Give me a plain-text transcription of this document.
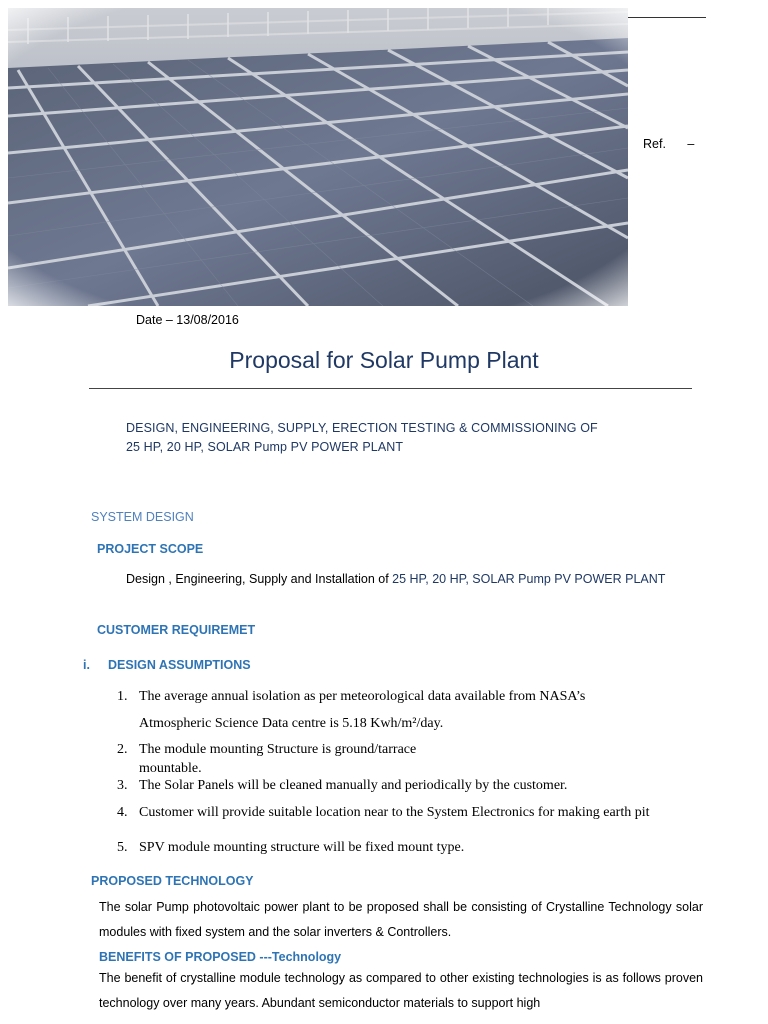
Ref. –
Date – 13/08/2016
Proposal for Solar Pump Plant
DESIGN, ENGINEERING, SUPPLY, ERECTION TESTING & COMMISSIONING OF
25 HP, 20 HP, SOLAR Pump PV POWER PLANT
SYSTEM DESIGN
PROJECT SCOPE
Design , Engineering, Supply and Installation of 25 HP, 20 HP, SOLAR Pump PV POWER PLANT
CUSTOMER REQUIREMET
i. DESIGN ASSUMPTIONS
1. The average annual isolation as per meteorological data available from NASA’s
Atmospheric Science Data centre is 5.18 Kwh/m²/day.
2. The module mounting Structure is ground/tarrace
mountable.
3. The Solar Panels will be cleaned manually and periodically by the customer.
4. Customer will provide suitable location near to the System Electronics for making earth pit
5. SPV module mounting structure will be fixed mount type.
PROPOSED TECHNOLOGY
The solar Pump photovoltaic power plant to be proposed shall be consisting of Crystalline Technology solar modules with fixed system and the solar inverters & Controllers.
BENEFITS OF PROPOSED ---Technology
The benefit of crystalline module technology as compared to other existing technologies is as follows proven technology over many years. Abundant semiconductor materials to support high
